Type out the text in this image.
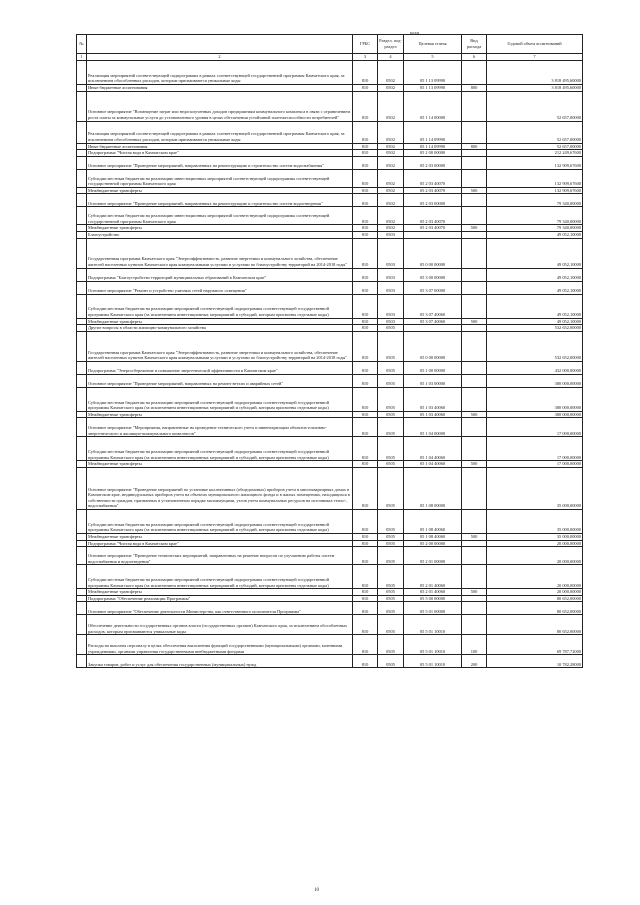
коды
№		ГРБС	Раздел, под-раздел	Целевая статья	Вид расхода	Годовой объем ассигнований
1	2	3	4	5	6	7
	Реализация мероприятий соответствующей подпрограммы в рамках соответствующей государственной программы Камчатского края, за исключением обособленных расходов, которым присваиваются уникальные коды	810	0502	05 1 13 09990		3 818 495,60000
	Иные бюджетные ассигнования	810	0502	05 1 13 09990	800	3 818 495,60000
	Основное мероприятие "Возмещение затрат или недополученных доходов предприятиям коммунального комплекса в связи с ограничением роста платы за коммунальные услуги до установленного уровня в целях обеспечения устойчивой платежеспособности потребителей"	810	0502	05 1 14 00000		52 657,00000
	Реализация мероприятий соответствующей подпрограммы в рамках соответствующей государственной программы Камчатского края, за исключением обособленных расходов, которым присваиваются уникальные коды	810	0502	05 1 14 09990		52 657,00000
	Иные бюджетные ассигнования	810	0502	05 1 14 09990	800	52 657,00000
	Подпрограмма "Чистая вода в Камчатском крае"	810	0502	05 2 00 00000		212 249,67600
	Основное мероприятие "Проведение мероприятий, направленных на реконструкцию и строительство систем водоснабжения"	810	0502	05 2 03 00000		132 909,67600
	Субсидии местным бюджетам на реализацию инвестиционных мероприятий соответствующей подпрограммы соответствующей государственной программы Камчатского края	810	0502	05 2 03 40070		132 909,67600
	Межбюджетные трансферты	810	0502	05 2 03 40070	500	132 909,67600
	Основное мероприятие "Проведение мероприятий, направленных на реконструкцию и строительство систем водоотведения"	810	0502	05 2 03 00000		79 340,00000
	Субсидии местным бюджетам на реализацию инвестиционных мероприятий соответствующей подпрограммы соответствующей государственной программы Камчатского края	810	0502	05 2 03 40070		79 340,00000
	Межбюджетные трансферты	810	0502	05 2 03 40070	500	79 340,00000
	Благоустройство	810	0503			49 052,10000
	Государственная программа Камчатского края "Энергоэффективность, развитие энергетики и коммунального хозяйства, обеспечение жителей населенных пунктов Камчатского края коммунальными услугами и услугами по благоустройству территорий на 2014-2018 годы"	810	0503	05 0 00 00000		49 052,10000
	Подпрограмма "Благоустройство территорий муниципальных образований в Камчатском крае"	810	0503	05 3 00 00000		49 052,10000
	Основное мероприятие "Ремонт и устройство уличных сетей наружного освещения"	810	0503	05 3 07 00000		49 052,10000
	Субсидии местным бюджетам на реализацию мероприятий соответствующей подпрограммы соответствующей государственной программы Камчатского края (за исключением инвестиционных мероприятий и субсидий, которым присвоены отдельные коды)	810	0503	05 3 07 40060		49 052,10000
	Межбюджетные трансферты	810	0503	05 3 07 40060	500	49 052,10000
	Другие вопросы в области жилищно-коммунального хозяйства	810	0505			532 652,00000
	Государственная программа Камчатского края "Энергоэффективность, развитие энергетики и коммунального хозяйства, обеспечение жителей населенных пунктов Камчатского края коммунальными услугами и услугами по благоустройству территорий на 2014-2018 годы"	810	0505	05 0 00 00000		532 652,00000
	Подпрограмма "Энергосбережение и повышение энергетической эффективности в Камчатском крае"	810	0505	05 1 00 00000		432 000,00000
	Основное мероприятие "Проведение мероприятий, направленных на ремонт ветхих и аварийных сетей"	810	0505	05 1 03 00000		380 000,00000
	Субсидии местным бюджетам на реализацию мероприятий соответствующей подпрограммы соответствующей государственной программы Камчатского края (за исключением инвестиционных мероприятий и субсидий, которым присвоены отдельные коды)	810	0505	05 1 03 40060		380 000,00000
	Межбюджетные трансферты	810	0505	05 1 03 40060	500	380 000,00000
	Основное мероприятие "Мероприятия, направленные на проведение технического учета и инвентаризации объектов топливно-энергетического и жилищно-коммунального комплексов"	810	0505	05 1 04 00000		17 000,00000
	Субсидии местным бюджетам на реализацию мероприятий соответствующей подпрограммы соответствующей государственной программы Камчатского края (за исключением инвестиционных мероприятий и субсидий, которым присвоены отдельные коды)	810	0505	05 1 04 40060		17 000,00000
	Межбюджетные трансферты	810	0505	05 1 04 40060	500	17 000,00000
	Основное мероприятие "Проведение мероприятий по установке коллективных (общедомовых) приборов учета в многоквартирных домах в Камчатском крае, индивидуальных приборов учета на объектах муниципального жилищного фонда и в жилых помещениях, находящихся в собственности граждан, признанных в установленном порядке малоимущими, узлов учета коммунальных ресурсов на источниках тепло-, водоснабжения"	810	0505	05 1 08 00000		35 000,00000
	Субсидии местным бюджетам на реализацию мероприятий соответствующей подпрограммы соответствующей государственной программы Камчатского края (за исключением инвестиционных мероприятий и субсидий, которым присвоены отдельные коды)	810	0505	05 1 08 40060		35 000,00000
	Межбюджетные трансферты	810	0505	05 1 08 40060	500	35 000,00000
	Подпрограмма "Чистая вода в Камчатском крае"	810	0505	05 2 00 00000		20 000,00000
	Основное мероприятие "Проведение технических мероприятий, направленных на решение вопросов по улучшению работы систем водоснабжения и водоотведения"	810	0505	05 2 01 00000		20 000,00000
	Субсидии местным бюджетам на реализацию мероприятий соответствующей подпрограммы соответствующей государственной программы Камчатского края (за исключением инвестиционных мероприятий и субсидий, которым присвоены отдельные коды)	810	0505	05 2 01 40060		20 000,00000
	Межбюджетные трансферты	810	0505	05 2 01 40060	500	20 000,00000
	Подпрограмма "Обеспечение реализации Программы"	810	0505	05 5 00 00000		80 652,00000
	Основное мероприятие "Обеспечение деятельности Министерства, как ответственного исполнителя Программы"	810	0505	05 5 01 00000		80 652,00000
	Обеспечение деятельности государственных органов власти (государственных органов) Камчатского края, за исключением обособленных расходов, которым присваиваются уникальные коды	810	0505	05 5 01 10010		80 652,00000
	Расходы на выплаты персоналу в целях обеспечения выполнения функций государственными (муниципальными) органами, казенными учреждениями, органами управления государственными внебюджетными фондами	810	0505	05 5 01 10010	100	69 787,72000
	Закупка товаров, работ и услуг для обеспечения государственных (муниципальных) нужд	810	0505	05 5 01 10010	200	10 782,28000
10
